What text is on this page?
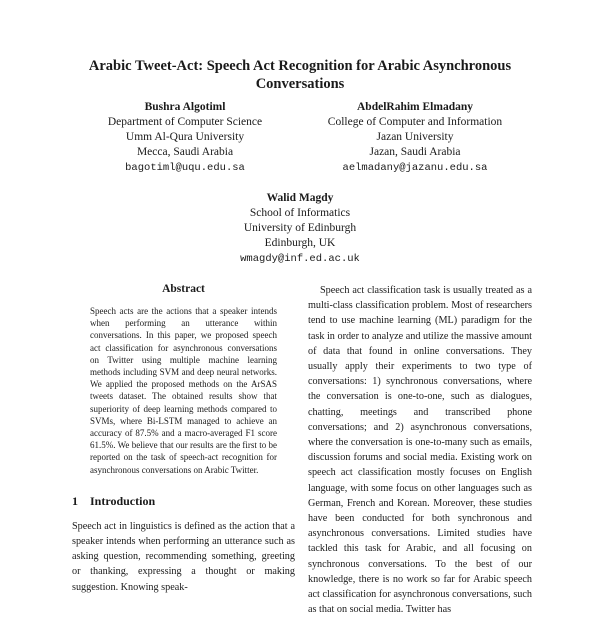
Arabic Tweet-Act: Speech Act Recognition for Arabic Asynchronous Conversations
Bushra Algotiml
Department of Computer Science
Umm Al-Qura University
Mecca, Saudi Arabia
bagotiml@uqu.edu.sa
AbdelRahim Elmadany
College of Computer and Information
Jazan University
Jazan, Saudi Arabia
aelmadany@jazanu.edu.sa
Walid Magdy
School of Informatics
University of Edinburgh
Edinburgh, UK
wmagdy@inf.ed.ac.uk
Abstract
Speech acts are the actions that a speaker intends when performing an utterance within conversations. In this paper, we proposed speech act classification for asynchronous conversations on Twitter using multiple machine learning methods including SVM and deep neural networks. We applied the proposed methods on the ArSAS tweets dataset. The obtained results show that superiority of deep learning methods compared to SVMs, where Bi-LSTM managed to achieve an accuracy of 87.5% and a macro-averaged F1 score 61.5%. We believe that our results are the first to be reported on the task of speech-act recognition for asynchronous conversations on Arabic Twitter.
1 Introduction
Speech act in linguistics is defined as the action that a speaker intends when performing an utterance such as asking question, recommending something, greeting or thanking, expressing a thought or making suggestion. Knowing speak-

Speech act classification task is usually treated as a multi-class classification problem. Most of researchers tend to use machine learning (ML) paradigm for the task in order to analyze and utilize the massive amount of data that found in online conversations. They usually apply their experiments to two type of conversations: 1) synchronous conversations, where the conversation is one-to-one, such as dialogues, chatting, meetings and transcribed phone conversations; and 2) asynchronous conversations, where the conversation is one-to-many such as emails, discussion forums and social media. Existing work on speech act classification mostly focuses on English language, with some focus on other languages such as German, French and Korean. Moreover, these studies have been conducted for both synchronous and asynchronous conversations. Limited studies have tackled this task for Arabic, and all focusing on synchronous conversations. To the best of our knowledge, there is no work so far for Arabic speech act classification for asynchronous conversations, such as that on social media. Twitter has
